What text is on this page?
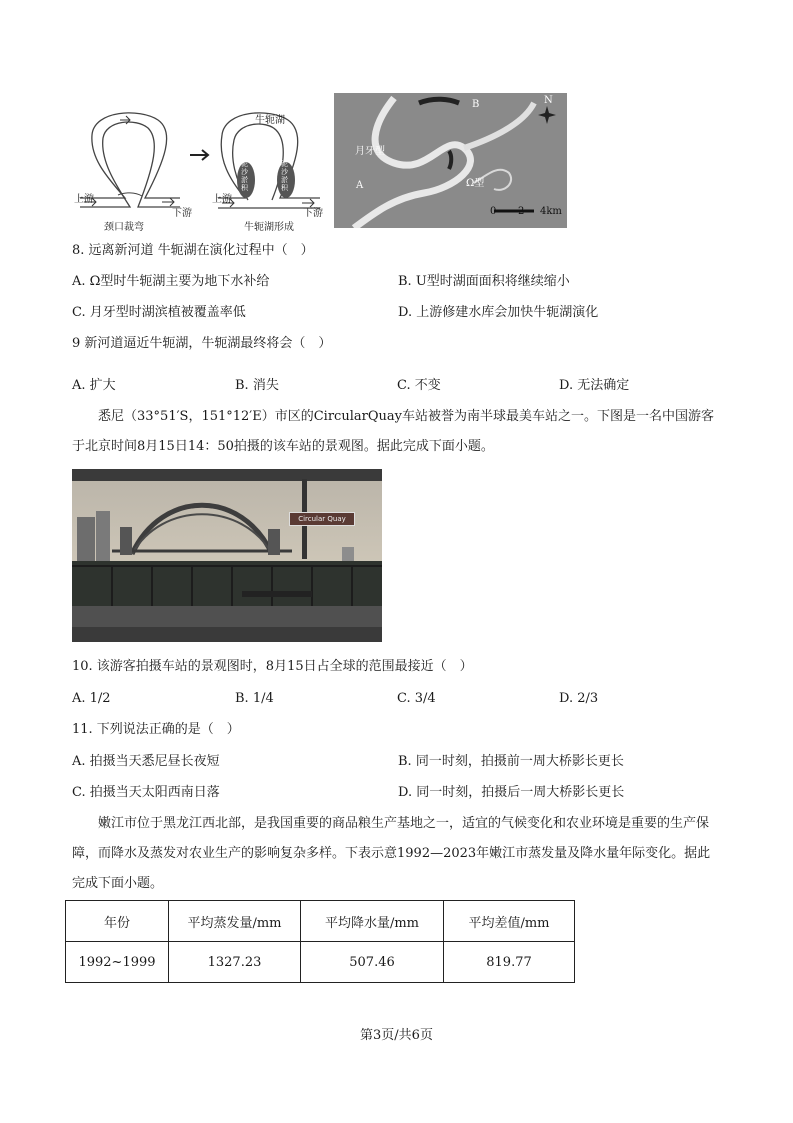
上游
下游
颈口裁弯
牛轭湖
上游
下游
牛轭湖形成
泥沙淤积
泥沙淤积
月牙型
Ω型
A
B	N
0 2 4km
8. 远离新河道 牛轭湖在演化过程中（　）
A. Ω型时牛轭湖主要为地下水补给	B. U型时湖面面积将继续缩小
C. 月牙型时湖滨植被覆盖率低	D. 上游修建水库会加快牛轭湖演化
9 新河道逼近牛轭湖，牛轭湖最终将会（　）
A. 扩大	B. 消失	C. 不变	D. 无法确定
悉尼（33°51′S，151°12′E）市区的CircularQuay车站被誉为南半球最美车站之一。下图是一名中国游客于北京时间8月15日14：50拍摄的该车站的景观图。据此完成下面小题。
Circular Quay
10. 该游客拍摄车站的景观图时，8月15日占全球的范围最接近（　）
A. 1/2	B. 1/4	C. 3/4	D. 2/3
11. 下列说法正确的是（　）
A. 拍摄当天悉尼昼长夜短	B. 同一时刻，拍摄前一周大桥影长更长
C. 拍摄当天太阳西南日落	D. 同一时刻，拍摄后一周大桥影长更长
嫩江市位于黑龙江西北部，是我国重要的商品粮生产基地之一，适宜的气候变化和农业环境是重要的生产保障，而降水及蒸发对农业生产的影响复杂多样。下表示意1992—2023年嫩江市蒸发量及降水量年际变化。据此完成下面小题。
年份	平均蒸发量/mm	平均降水量/mm	平均差值/mm
1992~1999	1327.23	507.46	819.77
第3页/共6页
